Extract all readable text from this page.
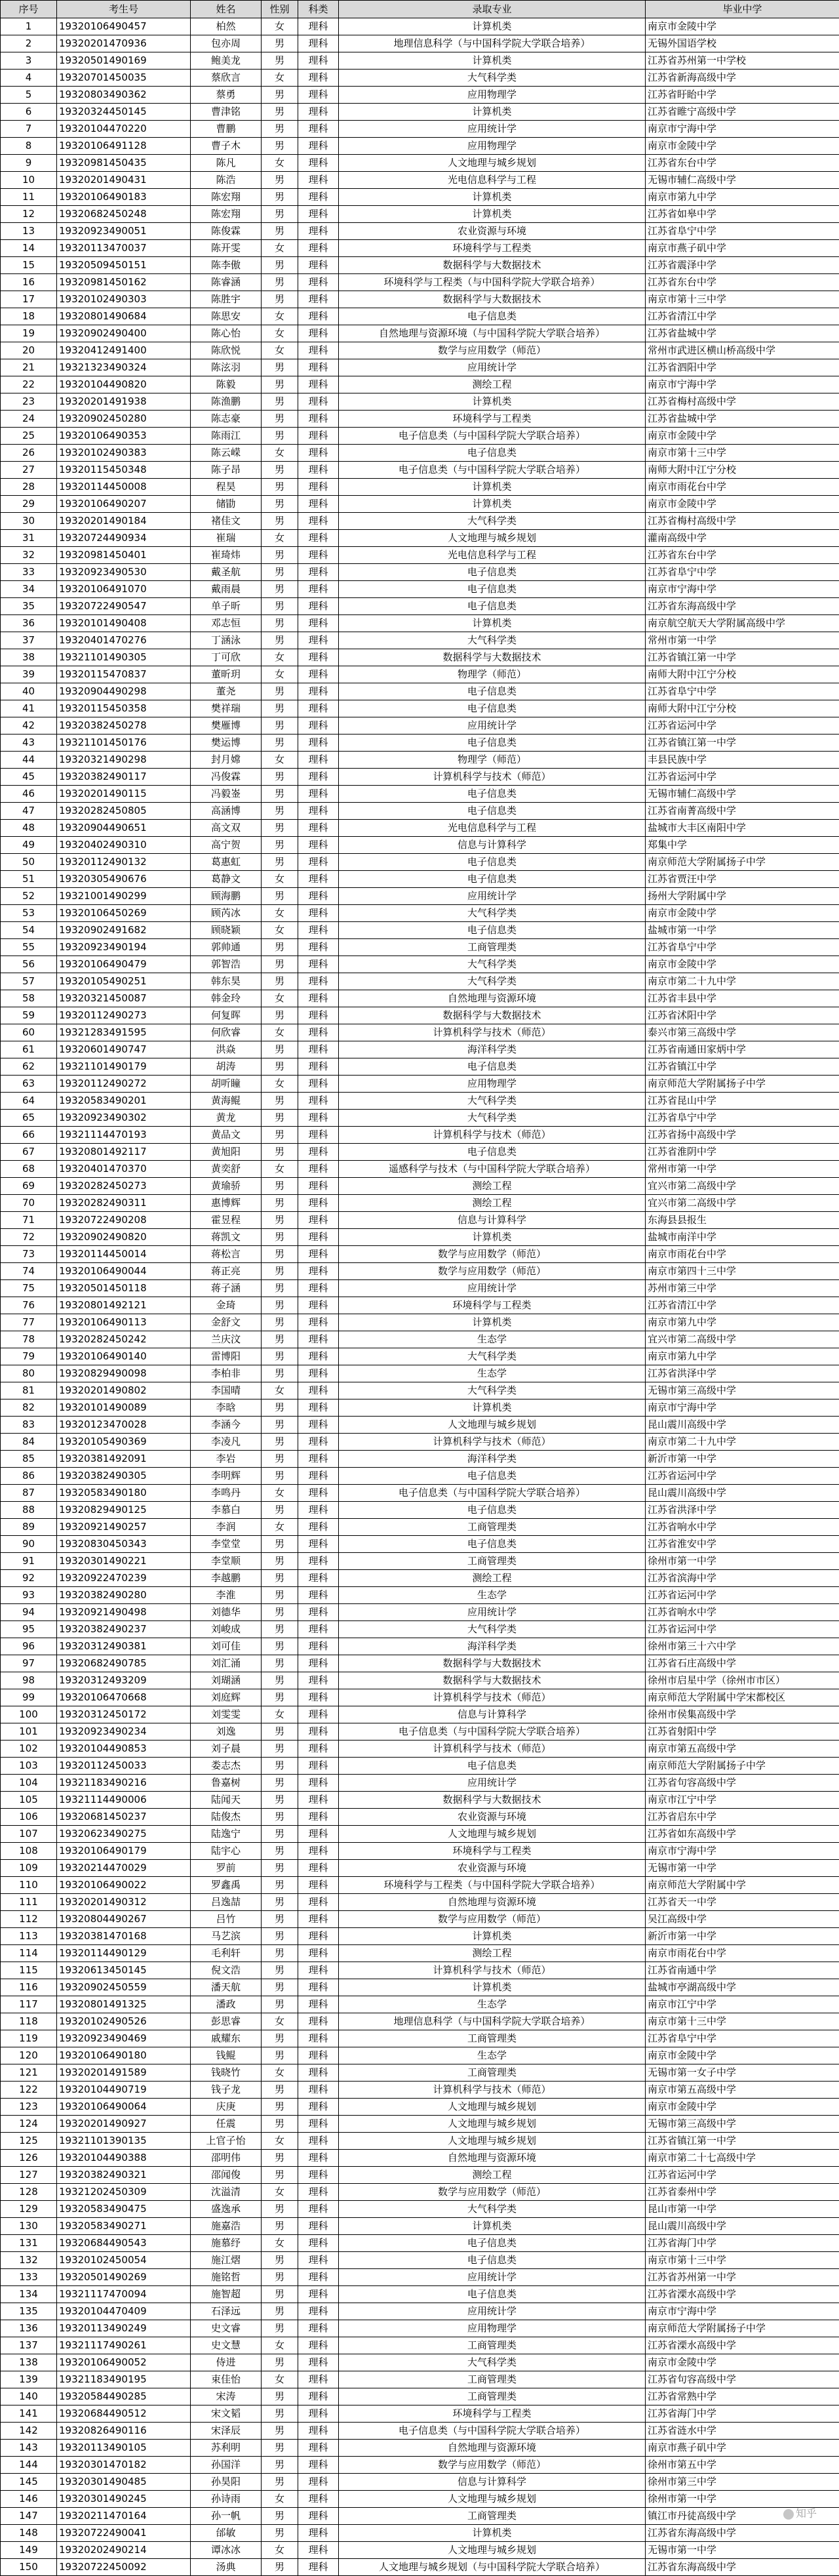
序号	考生号	姓名	性别	科类	录取专业	毕业中学
1	19320106490457	柏然	女	理科	计算机类	南京市金陵中学
2	19320201470936	包亦周	男	理科	地理信息科学（与中国科学院大学联合培养）	无锡外国语学校
3	19320501490169	鲍美龙	男	理科	计算机类	江苏省苏州第一中学校
4	19320701450035	蔡欣言	女	理科	大气科学类	江苏省新海高级中学
5	19320803490362	蔡勇	男	理科	应用物理学	江苏省盱眙中学
6	19320324450145	曹津铭	男	理科	计算机类	江苏省睢宁高级中学
7	19320104470220	曹鹏	男	理科	应用统计学	南京市宁海中学
8	19320106491128	曹子木	男	理科	应用物理学	南京市金陵中学
9	19320981450435	陈凡	女	理科	人文地理与城乡规划	江苏省东台中学
10	19320201490431	陈浩	男	理科	光电信息科学与工程	无锡市辅仁高级中学
11	19320106490183	陈宏翔	男	理科	计算机类	南京市第九中学
12	19320682450248	陈宏翔	男	理科	计算机类	江苏省如皋中学
13	19320923490051	陈俊霖	男	理科	农业资源与环境	江苏省阜宁中学
14	19320113470037	陈开雯	女	理科	环境科学与工程类	南京市燕子矶中学
15	19320509450151	陈李傲	男	理科	数据科学与大数据技术	江苏省震泽中学
16	19320981450162	陈睿涵	男	理科	环境科学与工程类（与中国科学院大学联合培养）	江苏省东台中学
17	19320102490303	陈胜宇	男	理科	数据科学与大数据技术	南京市第十三中学
18	19320801490684	陈思安	女	理科	电子信息类	江苏省清江中学
19	19320902490400	陈心怡	女	理科	自然地理与资源环境（与中国科学院大学联合培养）	江苏省盐城中学
20	19320412491400	陈欣悦	女	理科	数学与应用数学（师范）	常州市武进区横山桥高级中学
21	19321323490324	陈泫羽	男	理科	应用统计学	江苏省泗阳中学
22	19320104490820	陈毅	男	理科	测绘工程	南京市宁海中学
23	19320201491938	陈渔鹏	男	理科	计算机类	江苏省梅村高级中学
24	19320902450280	陈志豪	男	理科	环境科学与工程类	江苏省盐城中学
25	19320106490353	陈雨江	男	理科	电子信息类（与中国科学院大学联合培养）	南京市金陵中学
26	19320102490383	陈云嵘	女	理科	电子信息类	南京市第十三中学
27	19320115450348	陈子昂	男	理科	电子信息类（与中国科学院大学联合培养）	南师大附中江宁分校
28	19320114450008	程昊	男	理科	计算机类	南京市雨花台中学
29	19320106490207	储勖	男	理科	计算机类	南京市金陵中学
30	19320201490184	褚佳文	男	理科	大气科学类	江苏省梅村高级中学
31	19320724490934	崔瑞	女	理科	人文地理与城乡规划	灌南高级中学
32	19320981450401	崔琦炜	男	理科	光电信息科学与工程	江苏省东台中学
33	19320923490530	戴圣航	男	理科	电子信息类	江苏省阜宁中学
34	19320106491070	戴雨晨	男	理科	电子信息类	南京市宁海中学
35	19320722490547	单子昕	男	理科	电子信息类	江苏省东海高级中学
36	19320101490408	邓志恒	男	理科	计算机类	南京航空航天大学附属高级中学
37	19320401470276	丁涵泳	男	理科	大气科学类	常州市第一中学
38	19321101490305	丁可欣	女	理科	数据科学与大数据技术	江苏省镇江第一中学
39	19320115470837	董昕玥	女	理科	物理学（师范）	南师大附中江宁分校
40	19320904490298	董尧	男	理科	电子信息类	江苏省阜宁中学
41	19320115450358	樊祥瑞	男	理科	电子信息类	南师大附中江宁分校
42	19320382450278	樊雁博	男	理科	应用统计学	江苏省运河中学
43	19321101450176	樊运博	男	理科	电子信息类	江苏省镇江第一中学
44	19320321490298	封月嫦	女	理科	物理学（师范）	丰县民族中学
45	19320382490117	冯俊霖	男	理科	计算机科学与技术（师范）	江苏省运河中学
46	19320201490115	冯毅崟	男	理科	电子信息类	无锡市辅仁高级中学
47	19320282450805	高涵博	男	理科	电子信息类	江苏省南菁高级中学
48	19320904490651	高文双	男	理科	光电信息科学与工程	盐城市大丰区南阳中学
49	19320402490310	高宁贺	男	理科	信息与计算科学	郑集中学
50	19320112490132	葛惠虹	男	理科	电子信息类	南京师范大学附属扬子中学
51	19320305490676	葛静文	女	理科	电子信息类	江苏省贾汪中学
52	19321001490299	顾海鹏	男	理科	应用统计学	扬州大学附属中学
53	19320106450269	顾芮冰	女	理科	大气科学类	南京市金陵中学
54	19320902491682	顾晓颖	女	理科	电子信息类	盐城市第一中学
55	19320923490194	郭帅通	男	理科	工商管理类	江苏省阜宁中学
56	19320106490479	郭智浩	男	理科	大气科学类	南京市金陵中学
57	19320105490251	韩东昊	男	理科	大气科学类	南京市第二十九中学
58	19320321450087	韩金玲	女	理科	自然地理与资源环境	江苏省丰县中学
59	19320112490273	何复晖	男	理科	数据科学与大数据技术	江苏省沭阳中学
60	19321283491595	何欣睿	女	理科	计算机科学与技术（师范）	泰兴市第三高级中学
61	19320601490747	洪焱	男	理科	海洋科学类	江苏省南通田家炳中学
62	19321101490179	胡涛	男	理科	电子信息类	江苏省镇江中学
63	19320112490272	胡听瞳	女	理科	应用物理学	南京师范大学附属扬子中学
64	19320583490201	黄海鲲	男	理科	大气科学类	江苏省昆山中学
65	19320923490302	黄龙	男	理科	大气科学类	江苏省阜宁中学
66	19321114470193	黄品文	男	理科	计算机科学与技术（师范）	江苏省扬中高级中学
67	19320801492117	黄旭阳	男	理科	电子信息类	江苏省淮阴中学
68	19320401470370	黄奕舒	女	理科	遥感科学与技术（与中国科学院大学联合培养）	常州市第一中学
69	19320282450273	黄瑜骄	男	理科	测绘工程	宜兴市第二高级中学
70	19320282490311	惠博辉	男	理科	测绘工程	宜兴市第二高级中学
71	19320722490208	霍昱程	男	理科	信息与计算科学	东海县县报生
72	19320902490820	蒋凯文	男	理科	计算机类	盐城市南洋中学
73	19320114450014	蒋松言	男	理科	数学与应用数学（师范）	南京市雨花台中学
74	19320106490044	蒋正亮	男	理科	数学与应用数学（师范）	南京市第四十三中学
75	19320501450118	蒋子涵	男	理科	应用统计学	苏州市第三中学
76	19320801492121	金琦	男	理科	环境科学与工程类	江苏省清江中学
77	19320106490113	金舒文	男	理科	计算机类	南京市第九中学
78	19320282450242	兰庆汶	男	理科	生态学	宜兴市第二高级中学
79	19320106490140	雷博阳	男	理科	大气科学类	南京市第九中学
80	19320829490098	李柏非	男	理科	生态学	江苏省洪泽中学
81	19320201490802	李国晴	女	理科	大气科学类	无锡市第三高级中学
82	19320101490089	李晗	男	理科	计算机类	南京市宁海中学
83	19320123470028	李涵今	男	理科	人文地理与城乡规划	昆山震川高级中学
84	19320105490369	李凌凡	男	理科	计算机科学与技术（师范）	南京市第二十九中学
85	19320381492091	李岩	男	理科	海洋科学类	新沂市第一中学
86	19320382490305	李明辉	男	理科	电子信息类	江苏省运河中学
87	19320583490180	李鸣丹	女	理科	电子信息类（与中国科学院大学联合培养）	昆山震川高级中学
88	19320829490125	李慕白	男	理科	电子信息类	江苏省洪泽中学
89	19320921490257	李润	女	理科	工商管理类	江苏省响水中学
90	19320830450343	李堂堂	男	理科	电子信息类	江苏省淮安中学
91	19320301490221	李堂顺	男	理科	工商管理类	徐州市第一中学
92	19320922470239	李越鹏	男	理科	测绘工程	江苏省滨海中学
93	19320382490280	李淮	男	理科	生态学	江苏省运河中学
94	19320921490498	刘德华	男	理科	应用统计学	江苏省响水中学
95	19320382490237	刘峻成	男	理科	大气科学类	江苏省运河中学
96	19320312490381	刘可佳	男	理科	海洋科学类	徐州市第三十六中学
97	19320682490785	刘汇涌	男	理科	数据科学与大数据技术	江苏省石庄高级中学
98	19320312493209	刘瑚涵	男	理科	数据科学与大数据技术	徐州市启星中学（徐州市市区）
99	19320106470668	刘庭辉	男	理科	计算机科学与技术（师范）	南京师范大学附属中学宋都校区
100	19320312450172	刘雯雯	女	理科	信息与计算科学	徐州市侯集高级中学
101	19320923490234	刘逸	男	理科	电子信息类（与中国科学院大学联合培养）	江苏省射阳中学
102	19320104490853	刘子晨	男	理科	计算机科学与技术（师范）	南京市第五高级中学
103	19320112450033	娄志杰	男	理科	电子信息类	南京师范大学附属扬子中学
104	19321183490216	鲁嘉树	男	理科	应用统计学	江苏省句容高级中学
105	19321114490006	陆闻天	男	理科	数据科学与大数据技术	南京市江宁中学
106	19320681450237	陆俊杰	男	理科	农业资源与环境	江苏省启东中学
107	19320623490275	陆逸宁	男	理科	人文地理与城乡规划	江苏省如东高级中学
108	19320106490179	陆宇心	男	理科	环境科学与工程类	南京市宁海中学
109	19320214470029	罗前	男	理科	农业资源与环境	无锡市第一中学
110	19320106490022	罗鑫禹	男	理科	环境科学与工程类（与中国科学院大学联合培养）	南京师范大学附属中学
111	19320201490312	吕逸喆	男	理科	自然地理与资源环境	江苏省天一中学
112	19320804490267	吕竹	男	理科	数学与应用数学（师范）	吴江高级中学
113	19320381470168	马艺滨	男	理科	计算机类	新沂市第一中学
114	19320114490129	毛利轩	男	理科	测绘工程	南京市雨花台中学
115	19320613450145	倪文浩	男	理科	计算机科学与技术（师范）	江苏省南通中学
116	19320902450559	潘天航	男	理科	计算机类	盐城市亭湖高级中学
117	19320801491325	潘政	男	理科	生态学	南京市江宁中学
118	19320102490526	彭思睿	女	理科	地理信息科学（与中国科学院大学联合培养）	南京市第十三中学
119	19320923490469	戚耀东	男	理科	工商管理类	江苏省阜宁中学
120	19320106490180	钱鲲	男	理科	生态学	南京市金陵中学
121	19320201491589	钱晓竹	女	理科	工商管理类	无锡市第一女子中学
122	19320104490719	钱子龙	男	理科	计算机科学与技术（师范）	南京市第五高级中学
123	19320106490064	庆庚	男	理科	人文地理与城乡规划	南京市金陵中学
124	19320201490927	任震	男	理科	人文地理与城乡规划	无锡市第三高级中学
125	19321101390135	上官子怡	女	理科	人文地理与城乡规划	江苏省镇江第一中学
126	19320104490388	邵明伟	男	理科	自然地理与资源环境	南京市第二十七高级中学
127	19320382490321	邵闻俊	男	理科	测绘工程	江苏省运河中学
128	19321202450309	沈溢清	女	理科	数学与应用数学（师范）	江苏省泰州中学
129	19320583490475	盛逸承	男	理科	大气科学类	昆山市第一中学
130	19320583490271	施嘉浩	男	理科	计算机类	昆山震川高级中学
131	19320684490543	施慕纾	女	理科	电子信息类	江苏省海门中学
132	19320102450054	施江熠	男	理科	电子信息类	南京市第十三中学
133	19320501490269	施铭哲	男	理科	应用统计学	江苏省苏州第一中学
134	19321117470094	施智超	男	理科	电子信息类	江苏省溧水高级中学
135	19320104470409	石泽远	男	理科	应用统计学	南京市宁海中学
136	19320113490249	史文睿	男	理科	应用物理学	南京师范大学附属扬子中学
137	19321117490261	史文慧	女	理科	工商管理类	江苏省溧水高级中学
138	19320106490052	侍进	男	理科	大气科学类	南京市金陵中学
139	19321183490195	束佳怡	女	理科	工商管理类	江苏省句容高级中学
140	19320584490285	宋涛	男	理科	工商管理类	江苏省常熟中学
141	19320684490512	宋文韬	男	理科	环境科学与工程类	江苏省海门中学
142	19320826490116	宋泽辰	男	理科	电子信息类（与中国科学院大学联合培养）	江苏省涟水中学
143	19320113490105	苏利明	男	理科	自然地理与资源环境	南京市燕子矶中学
144	19320301470182	孙国洋	男	理科	数学与应用数学（师范）	徐州市第五中学
145	19320301490485	孙昊阳	男	理科	信息与计算科学	徐州市第三中学
146	19320301490245	孙诗雨	女	理科	人文地理与城乡规划	徐州市第一中学
147	19320211470164	孙一帆	男	理科	工商管理类	镇江市丹徒高级中学
148	19320722490041	邰敏	男	理科	计算机类	江苏省东海高级中学
149	19320202490214	谭冰冰	女	理科	人文地理与城乡规划	无锡市第一中学
150	19320722450092	汤典	男	理科	人文地理与城乡规划（与中国科学院大学联合培养）	江苏省东海高级中学
知乎
